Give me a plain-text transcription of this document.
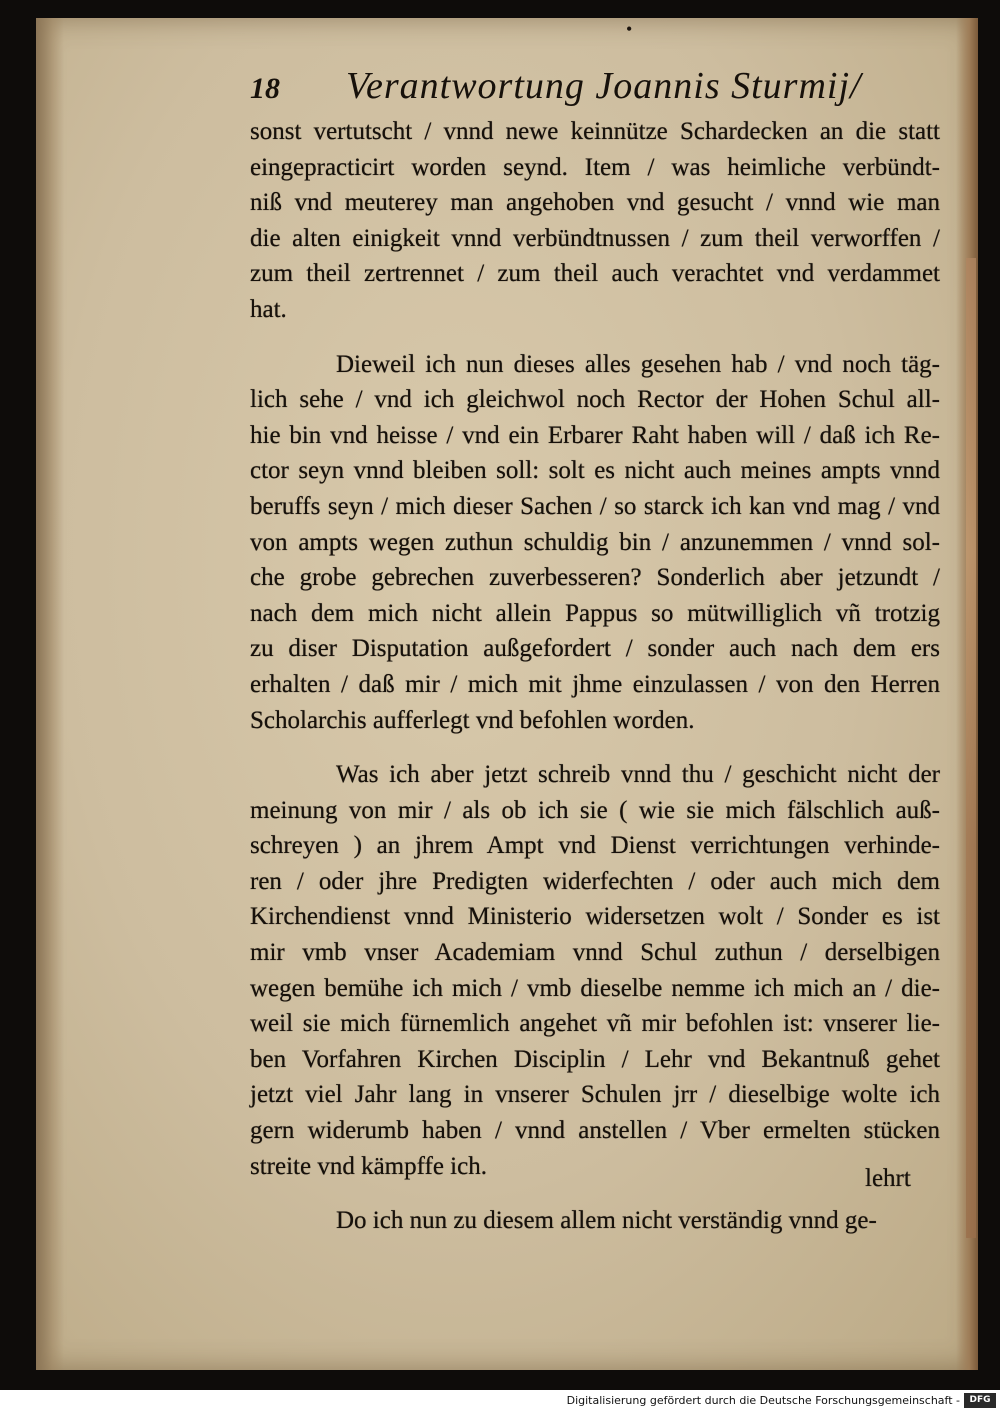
•
18 Verantwortung Joannis Sturmij/

sonst vertutscht / vnnd newe keinnütze Schardecken an die statt
eingepracticirt worden seynd. Item / was heimliche verbündt-
niß vnd meuterey man angehoben vnd gesucht / vnnd wie man
die alten einigkeit vnnd verbündtnussen / zum theil verworffen /
zum theil zertrennet / zum theil auch verachtet vnd verdammet
hat.

Dieweil ich nun dieses alles gesehen hab / vnd noch täg-
lich sehe / vnd ich gleichwol noch Rector der Hohen Schul all-
hie bin vnd heisse / vnd ein Erbarer Raht haben will / daß ich Re-
ctor seyn vnnd bleiben soll: solt es nicht auch meines ampts vnnd
beruffs seyn / mich dieser Sachen / so starck ich kan vnd mag / vnd
von ampts wegen zuthun schuldig bin / anzunemmen / vnnd sol-
che grobe gebrechen zuverbesseren? Sonderlich aber jetzundt /
nach dem mich nicht allein Pappus so mütwilliglich vñ trotzig
zu diser Disputation außgefordert / sonder auch nach dem ers
erhalten / daß mir / mich mit jhme einzulassen / von den Herren
Scholarchis aufferlegt vnd befohlen worden.

Was ich aber jetzt schreib vnnd thu / geschicht nicht der
meinung von mir / als ob ich sie ( wie sie mich fälschlich auß-
schreyen ) an jhrem Ampt vnd Dienst verrichtungen verhinde-
ren / oder jhre Predigten widerfechten / oder auch mich dem
Kirchendienst vnnd Ministerio widersetzen wolt / Sonder es ist
mir vmb vnser Academiam vnnd Schul zuthun / derselbigen
wegen bemühe ich mich / vmb dieselbe nemme ich mich an / die-
weil sie mich fürnemlich angehet vñ mir befohlen ist: vnserer lie-
ben Vorfahren Kirchen Disciplin / Lehr vnd Bekantnuß gehet
jetzt viel Jahr lang in vnserer Schulen jrr / dieselbige wolte ich
gern widerumb haben / vnnd anstellen / Vber ermelten stücken
streite vnd kämpffe ich.

Do ich nun zu diesem allem nicht verständig vnnd ge-

lehrt
Digitalisierung gefördert durch die Deutsche Forschungsgemeinschaft -	DFG
